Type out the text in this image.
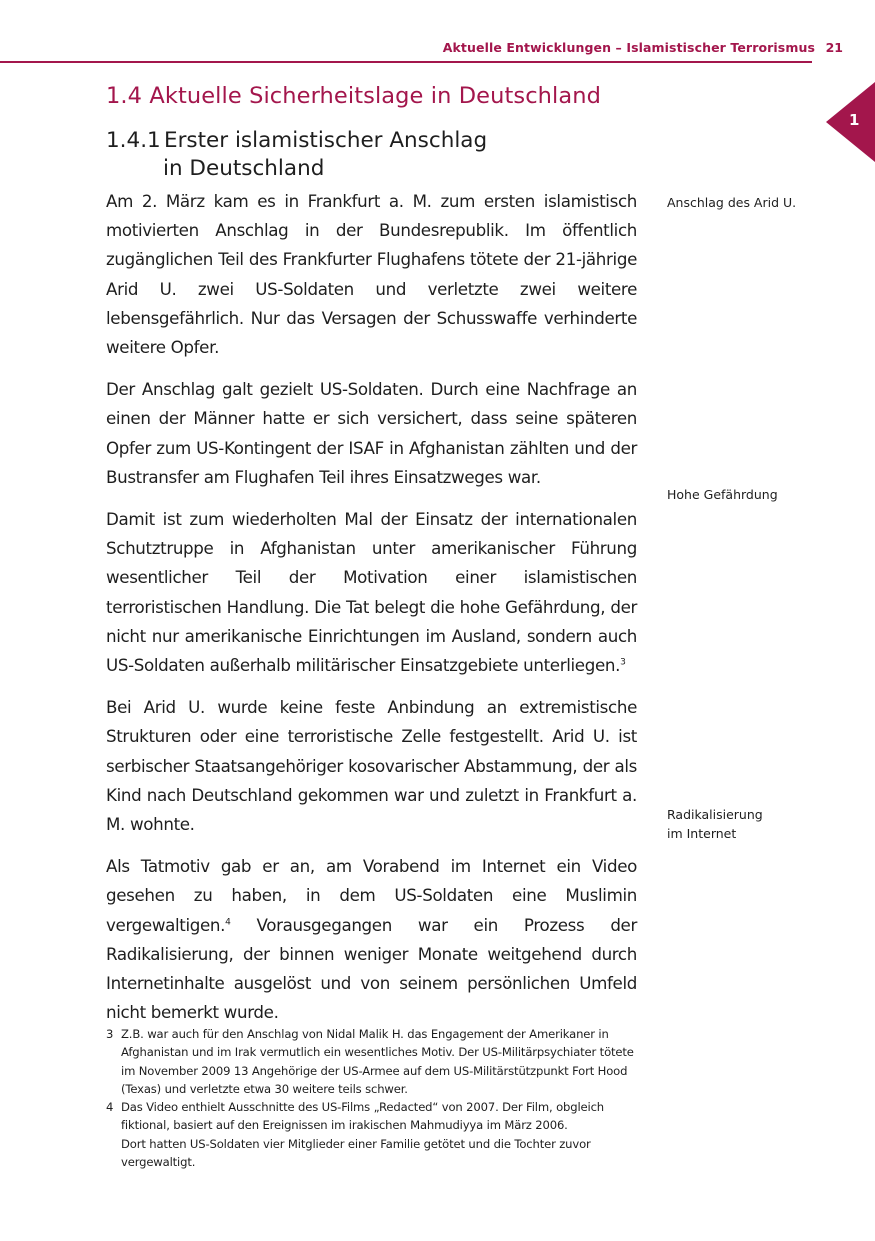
Aktuelle Entwicklungen – Islamistischer Terrorismus 21
1
1.4 Aktuelle Sicherheitslage in Deutschland
1.4.1 Erster islamistischer Anschlag
in Deutschland

Am 2. März kam es in Frankfurt a. M. zum ersten islamistisch motivierten Anschlag in der Bundesrepublik. Im öffentlich zugänglichen Teil des Frankfurter Flughafens tötete der 21-jährige Arid U. zwei US-Soldaten und verletzte zwei weitere lebensgefährlich. Nur das Versagen der Schusswaffe verhinderte weitere Opfer.

Der Anschlag galt gezielt US-Soldaten. Durch eine Nachfrage an einen der Männer hatte er sich versichert, dass seine späteren Opfer zum US-Kontingent der ISAF in Afghanistan zählten und der Bustransfer am Flughafen Teil ihres Einsatzweges war.

Damit ist zum wiederholten Mal der Einsatz der internationalen Schutztruppe in Afghanistan unter amerikanischer Führung wesentlicher Teil der Motivation einer islamistischen terroristischen Handlung. Die Tat belegt die hohe Gefährdung, der nicht nur amerikanische Einrichtungen im Ausland, sondern auch US-Soldaten außerhalb militärischer Einsatzgebiete unterliegen.$^3$

Bei Arid U. wurde keine feste Anbindung an extremistische Strukturen oder eine terroristische Zelle festgestellt. Arid U. ist serbischer Staatsangehöriger kosovarischer Abstammung, der als Kind nach Deutschland gekommen war und zuletzt in Frankfurt a. M. wohnte.

Als Tatmotiv gab er an, am Vorabend im Internet ein Video gesehen zu haben, in dem US-Soldaten eine Muslimin vergewaltigen.$^4$ Vorausgegangen war ein Prozess der Radikalisierung, der binnen weniger Monate weitgehend durch Internetinhalte ausgelöst und von seinem persönlichen Umfeld nicht bemerkt wurde.

Anschlag des Arid U.
Hohe Gefährdung
Radikalisierung
im Internet
3 Z.B. war auch für den Anschlag von Nidal Malik H. das Engagement der Amerikaner in Afghanistan und im Irak vermutlich ein wesentliches Motiv. Der US-Militärpsychiater tötete im November 2009 13 Angehörige der US-Armee auf dem US-Militärstützpunkt Fort Hood (Texas) und verletzte etwa 30 weitere teils schwer.
4 Das Video enthielt Ausschnitte des US-Films „Redacted“ von 2007. Der Film, obgleich fiktional, basiert auf den Ereignissen im irakischen Mahmudiyya im März 2006.
Dort hatten US-Soldaten vier Mitglieder einer Familie getötet und die Tochter zuvor vergewaltigt.
